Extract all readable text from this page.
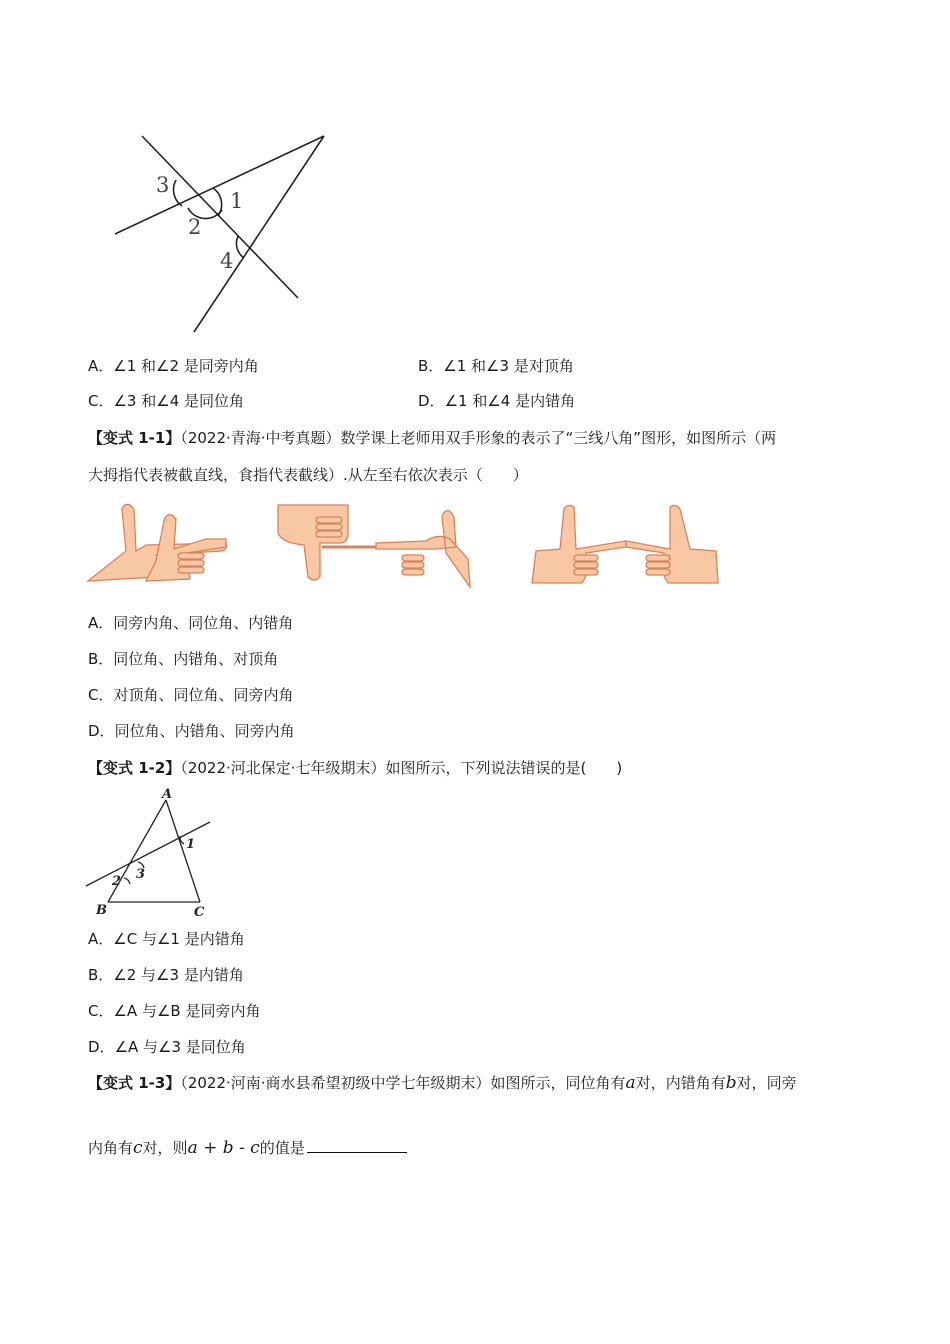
3
1
2
4
A．∠1 和∠2 是同旁内角	B．∠1 和∠3 是对顶角
C．∠3 和∠4 是同位角	D．∠1 和∠4 是内错角
【变式 1-1】（2022·青海·中考真题）数学课上老师用双手形象的表示了“三线八角”图形，如图所示（两
大拇指代表被截直线，食指代表截线）.从左至右依次表示（　　）
A．同旁内角、同位角、内错角
B．同位角、内错角、对顶角
C．对顶角、同位角、同旁内角
D．同位角、内错角、同旁内角
【变式 1-2】（2022·河北保定·七年级期末）如图所示，下列说法错误的是(　　)
A
B	C
1
2 3
A．∠C 与∠1 是内错角
B．∠2 与∠3 是内错角
C．∠A 与∠B 是同旁内角
D．∠A 与∠3 是同位角
【变式 1-3】（2022·河南·商水县希望初级中学七年级期末）如图所示，同位角有a对，内错角有b对，同旁
内角有c对，则a + b - c的值是
